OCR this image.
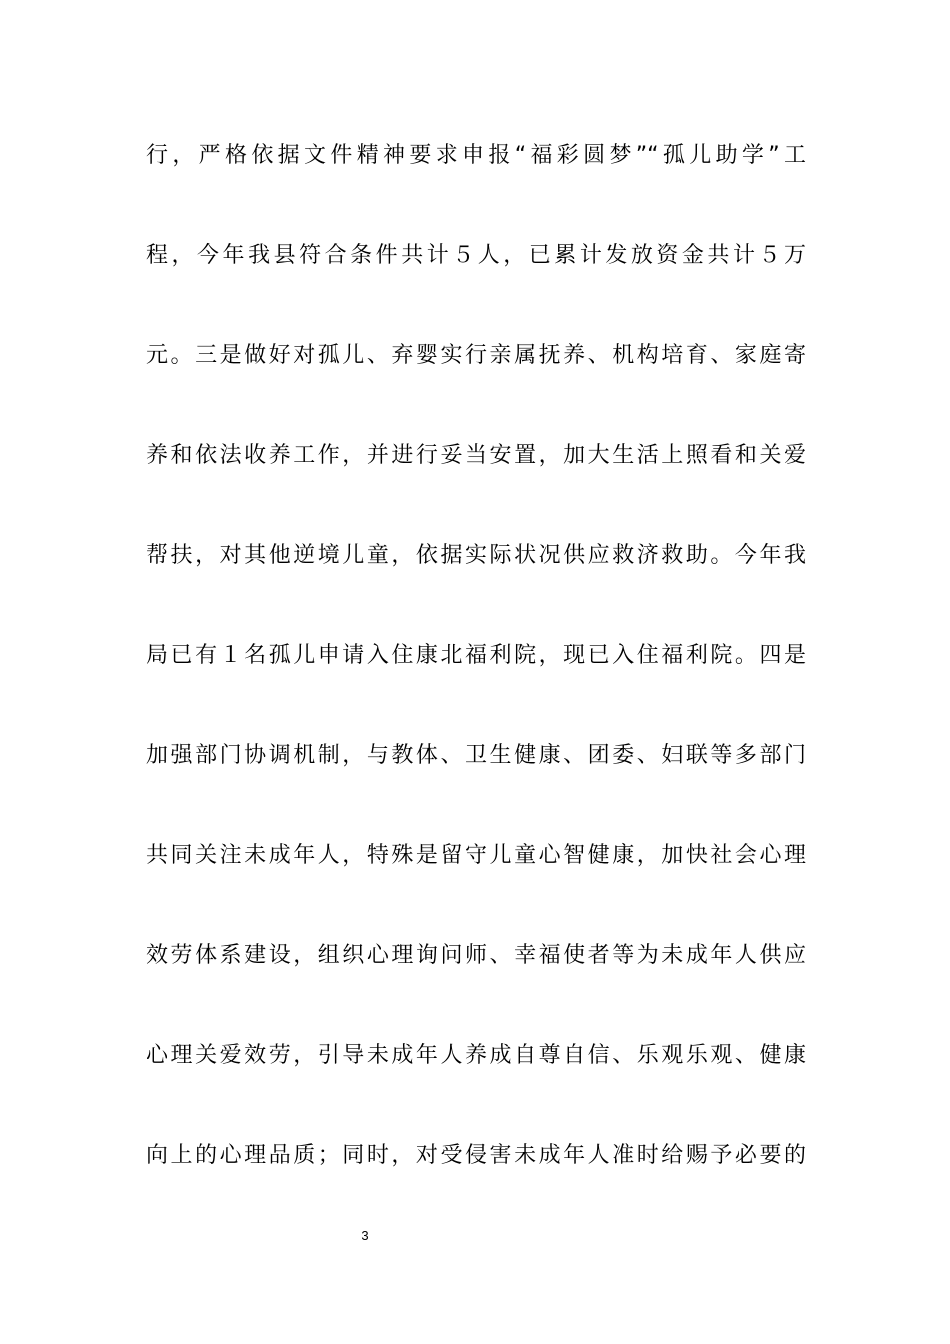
行，严格依据文件精神要求申报“福彩圆梦”“孤儿助学”工
程，今年我县符合条件共计５人，已累计发放资金共计５万
元。三是做好对孤儿、弃婴实行亲属抚养、机构培育、家庭寄
养和依法收养工作，并进行妥当安置，加大生活上照看和关爱
帮扶，对其他逆境儿童，依据实际状况供应救济救助。今年我
局已有１名孤儿申请入住康北福利院，现已入住福利院。四是
加强部门协调机制，与教体、卫生健康、团委、妇联等多部门
共同关注未成年人，特殊是留守儿童心智健康，加快社会心理
效劳体系建设，组织心理询问师、幸福使者等为未成年人供应
心理关爱效劳，引导未成年人养成自尊自信、乐观乐观、健康
向上的心理品质；同时，对受侵害未成年人准时给赐予必要的
3
